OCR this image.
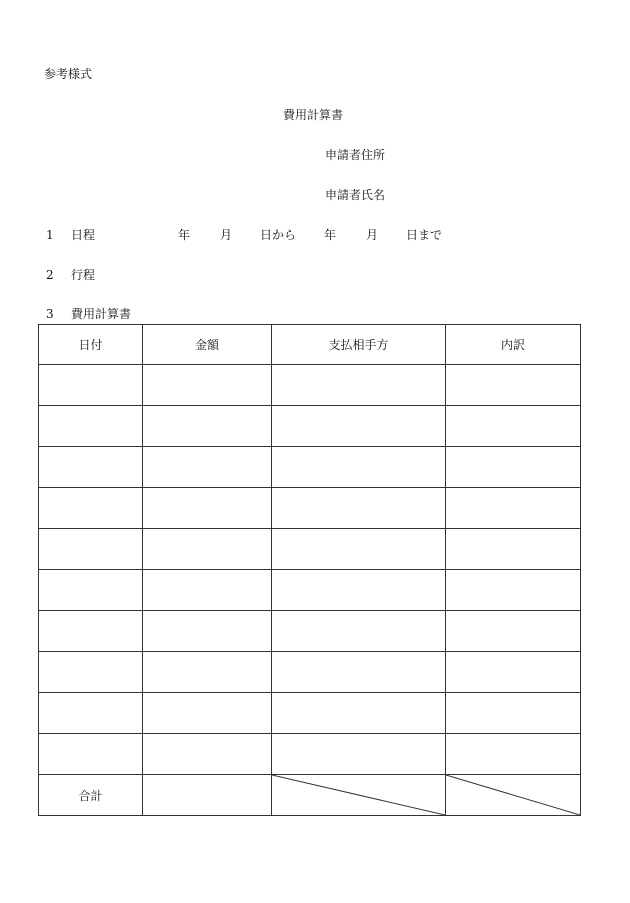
参考様式
費用計算書
申請者住所
申請者氏名
1 日程	年 月 日から 年 月 日まで
2 行程
3 費用計算書
日付	金額	支払相手方	内訳

合計		
